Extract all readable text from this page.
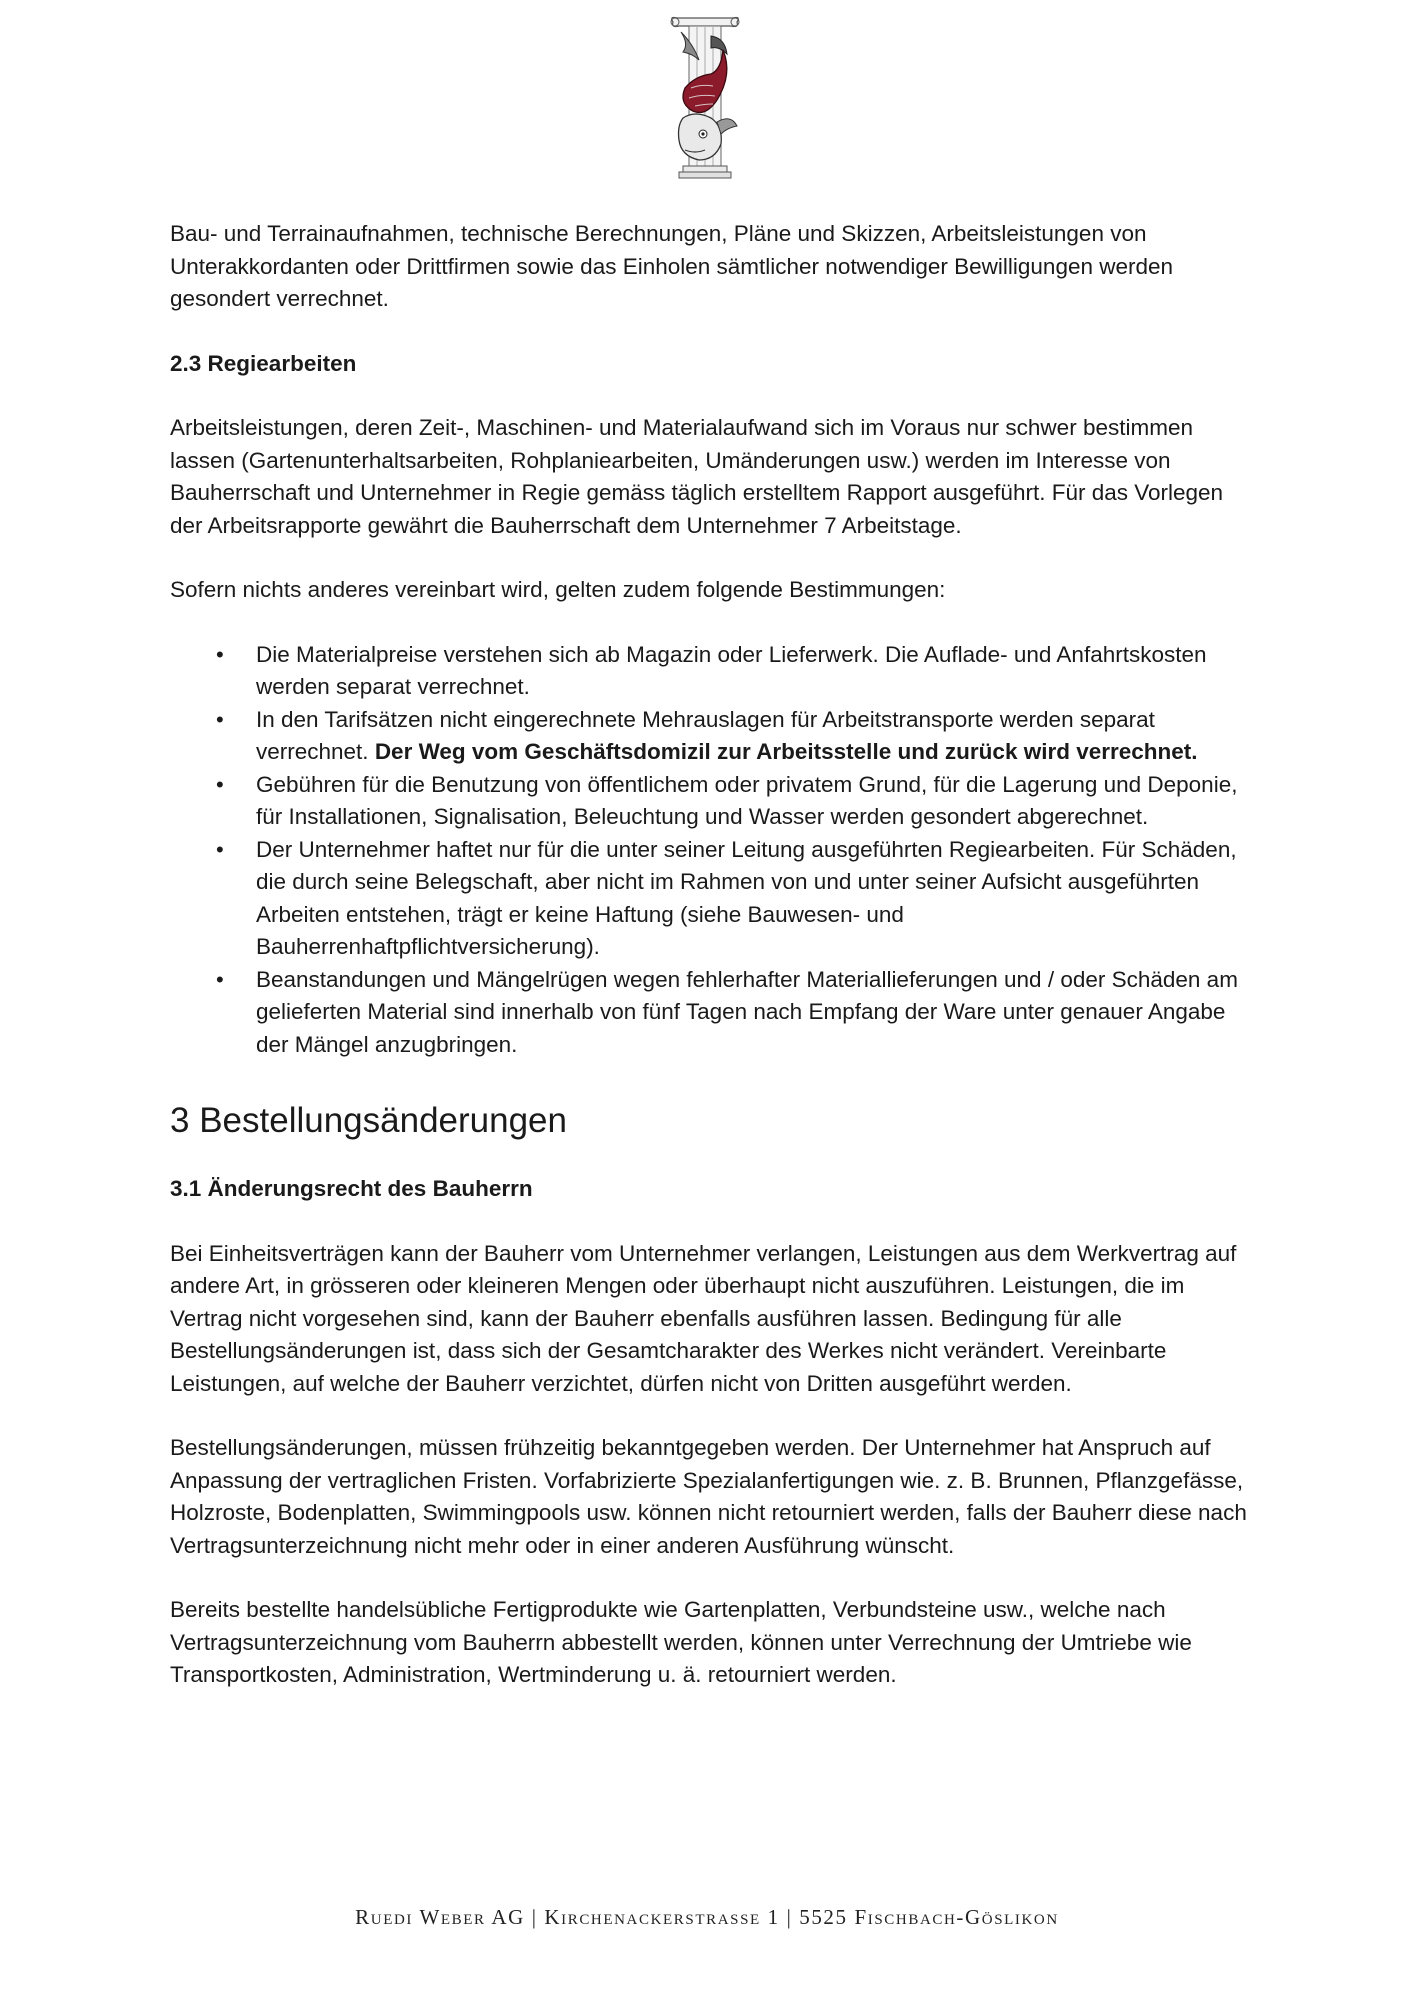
Bau- und Terrainaufnahmen, technische Berechnungen, Pläne und Skizzen, Arbeitsleistungen von Unterakkordanten oder Drittfirmen sowie das Einholen sämtlicher notwendiger Bewilligungen werden gesondert verrechnet.

2.3 Regiearbeiten

Arbeitsleistungen, deren Zeit-, Maschinen- und Materialaufwand sich im Voraus nur schwer bestimmen lassen (Gartenunterhaltsarbeiten, Rohplaniearbeiten, Umänderungen usw.) werden im Interesse von Bauherrschaft und Unternehmer in Regie gemäss täglich erstelltem Rapport ausgeführt. Für das Vorlegen der Arbeitsrapporte gewährt die Bauherrschaft dem Unternehmer 7 Arbeitstage.

Sofern nichts anderes vereinbart wird, gelten zudem folgende Bestimmungen:

• Die Materialpreise verstehen sich ab Magazin oder Lieferwerk. Die Auflade- und Anfahrtskosten werden separat verrechnet.
• In den Tarifsätzen nicht eingerechnete Mehrauslagen für Arbeitstransporte werden separat verrechnet. Der Weg vom Geschäftsdomizil zur Arbeitsstelle und zurück wird verrechnet.
• Gebühren für die Benutzung von öffentlichem oder privatem Grund, für die Lagerung und Deponie, für Installationen, Signalisation, Beleuchtung und Wasser werden gesondert abgerechnet.
• Der Unternehmer haftet nur für die unter seiner Leitung ausgeführten Regiearbeiten. Für Schäden, die durch seine Belegschaft, aber nicht im Rahmen von und unter seiner Aufsicht ausgeführten Arbeiten entstehen, trägt er keine Haftung (siehe Bauwesen- und Bauherrenhaftpflichtversicherung).
• Beanstandungen und Mängelrügen wegen fehlerhafter Materiallieferungen und / oder Schäden am gelieferten Material sind innerhalb von fünf Tagen nach Empfang der Ware unter genauer Angabe der Mängel anzugbringen.
3 Bestellungsänderungen
3.1 Änderungsrecht des Bauherrn

Bei Einheitsverträgen kann der Bauherr vom Unternehmer verlangen, Leistungen aus dem Werkvertrag auf andere Art, in grösseren oder kleineren Mengen oder überhaupt nicht auszuführen. Leistungen, die im Vertrag nicht vorgesehen sind, kann der Bauherr ebenfalls ausführen lassen. Bedingung für alle Bestellungsänderungen ist, dass sich der Gesamtcharakter des Werkes nicht verändert. Vereinbarte Leistungen, auf welche der Bauherr verzichtet, dürfen nicht von Dritten ausgeführt werden.

Bestellungsänderungen, müssen frühzeitig bekanntgegeben werden. Der Unternehmer hat Anspruch auf Anpassung der vertraglichen Fristen. Vorfabrizierte Spezialanfertigungen wie. z. B. Brunnen, Pflanzgefässe, Holzroste, Bodenplatten, Swimmingpools usw. können nicht retourniert werden, falls der Bauherr diese nach Vertragsunterzeichnung nicht mehr oder in einer anderen Ausführung wünscht.

Bereits bestellte handelsübliche Fertigprodukte wie Gartenplatten, Verbundsteine usw., welche nach Vertragsunterzeichnung vom Bauherrn abbestellt werden, können unter Verrechnung der Umtriebe wie Transportkosten, Administration, Wertminderung u. ä. retourniert werden.

Ruedi Weber AG | Kirchenackerstrasse 1 | 5525 Fischbach-Göslikon
